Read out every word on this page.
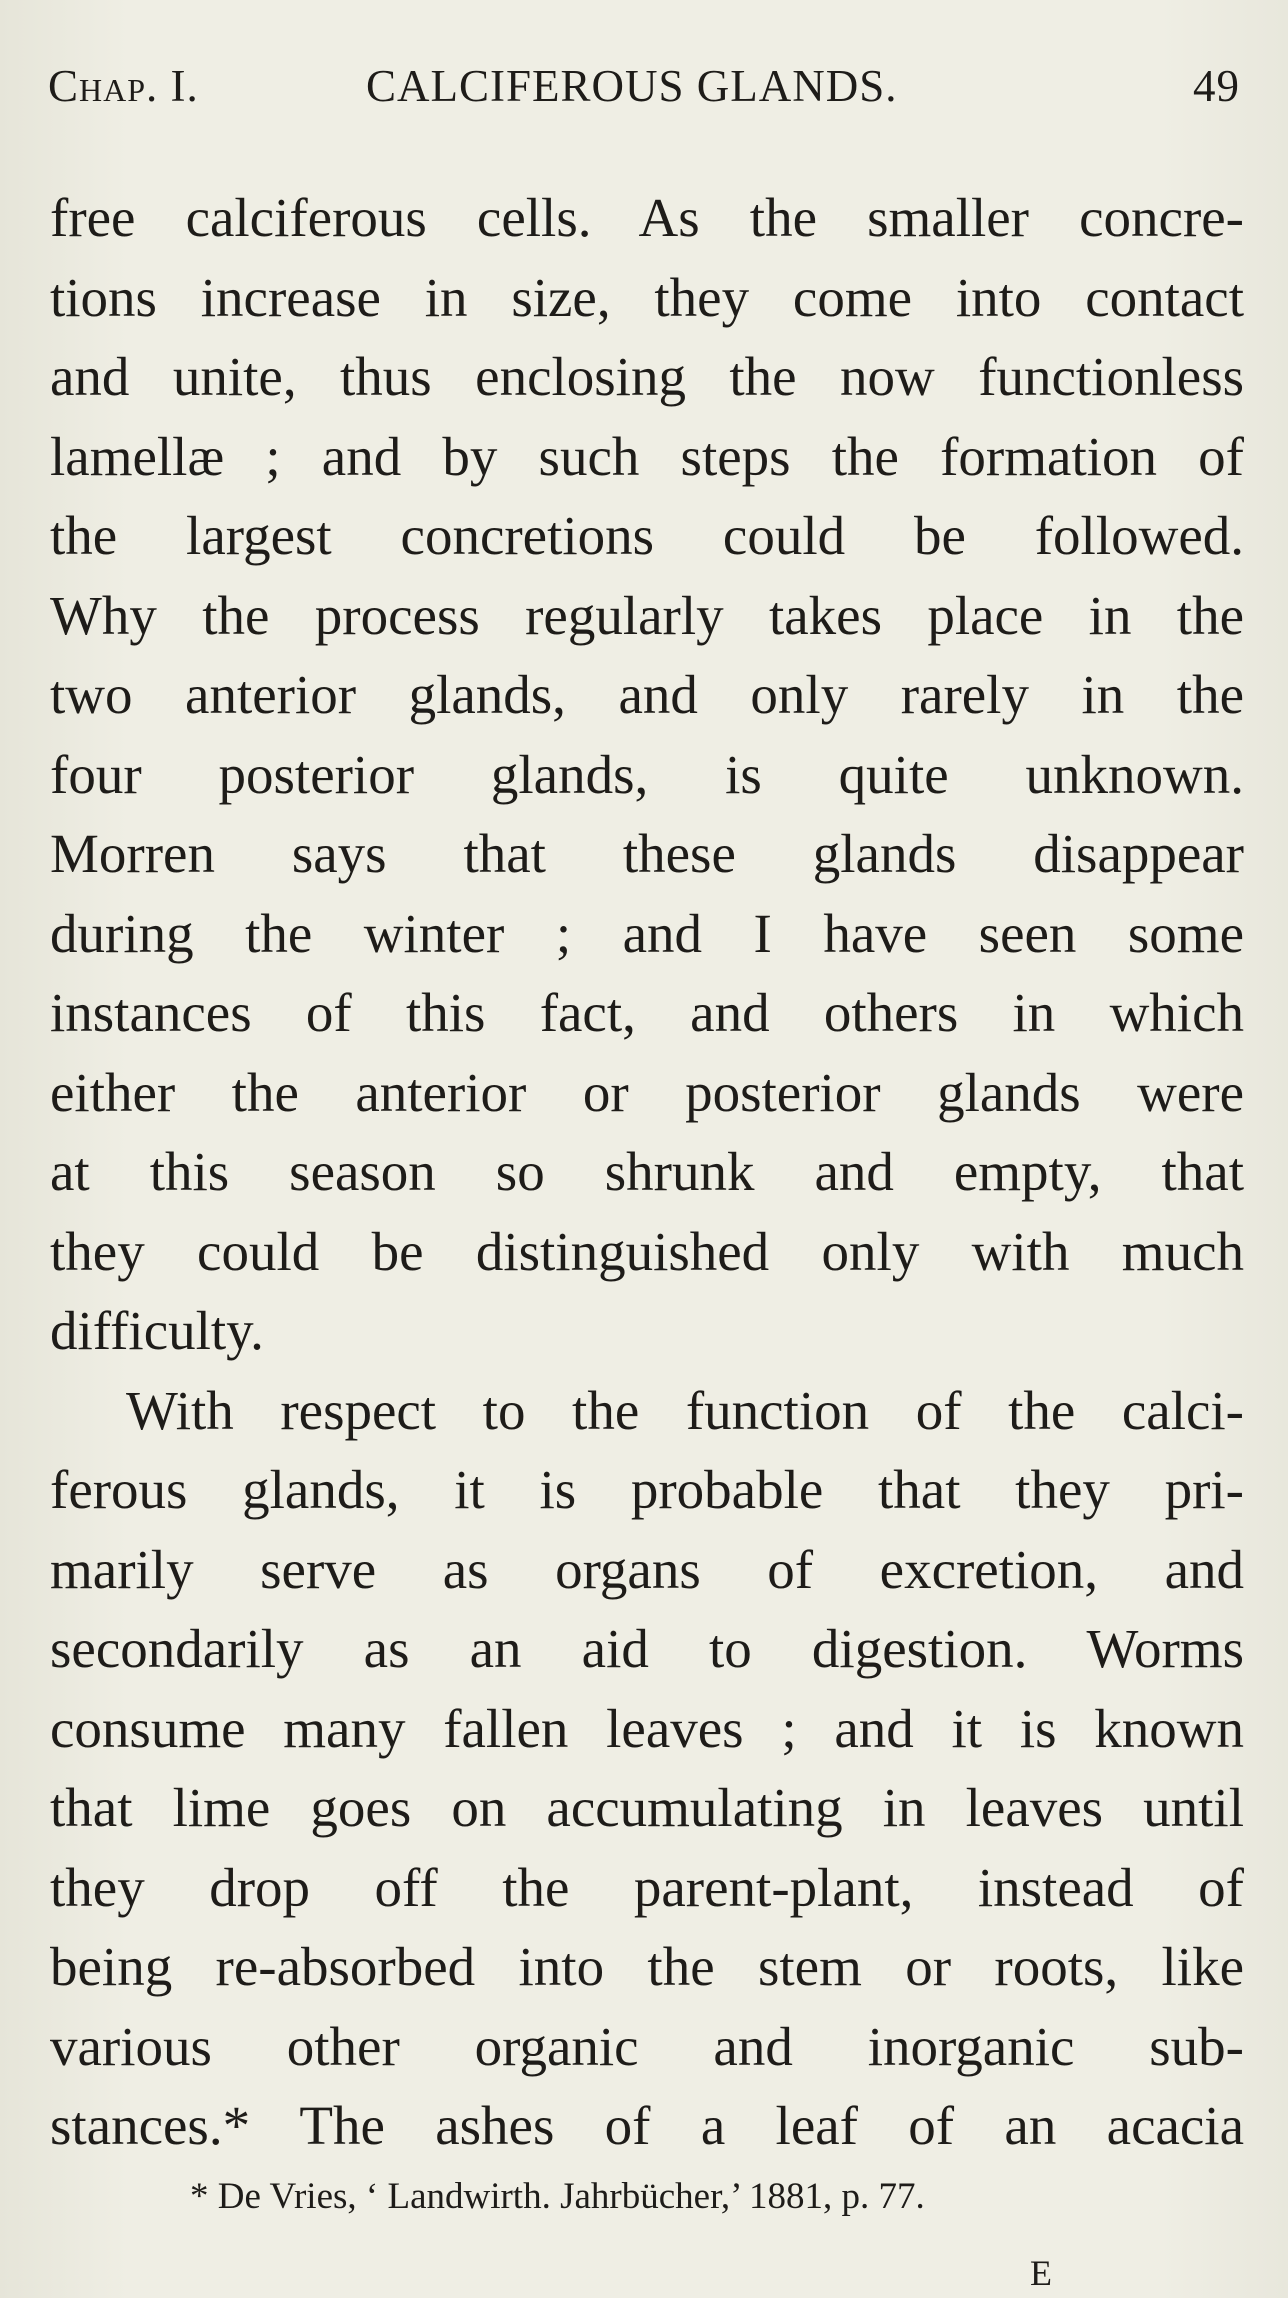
Chap. I.	CALCIFEROUS GLANDS.	49
free calciferous cells. As the smaller concre-
tions increase in size, they come into contact
and unite, thus enclosing the now functionless
lamellæ ; and by such steps the formation of
the largest concretions could be followed.
Why the process regularly takes place in the
two anterior glands, and only rarely in the
four posterior glands, is quite unknown.
Morren says that these glands disappear
during the winter ; and I have seen some
instances of this fact, and others in which
either the anterior or posterior glands were
at this season so shrunk and empty, that
they could be distinguished only with much
difficulty.
With respect to the function of the calci-
ferous glands, it is probable that they pri-
marily serve as organs of excretion, and
secondarily as an aid to digestion. Worms
consume many fallen leaves ; and it is known
that lime goes on accumulating in leaves until
they drop off the parent-plant, instead of
being re-absorbed into the stem or roots, like
various other organic and inorganic sub-
stances.* The ashes of a leaf of an acacia
* De Vries, ‘ Landwirth. Jahrbücher,’ 1881, p. 77.
E
